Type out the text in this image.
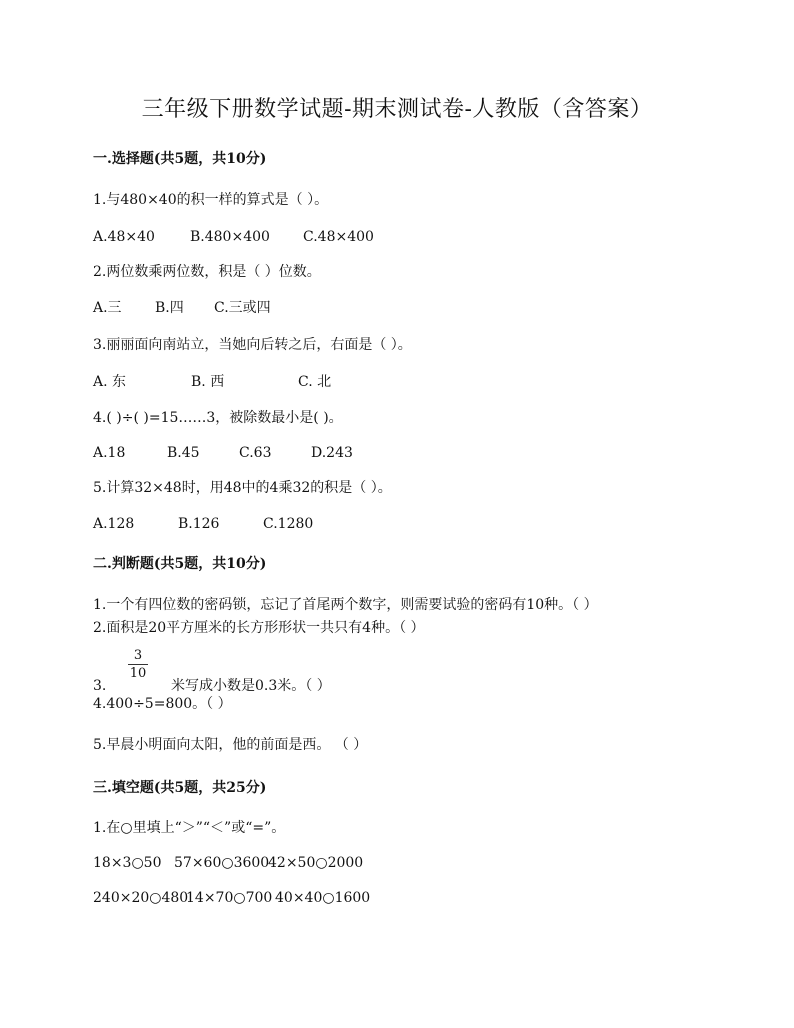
三年级下册数学试题-期末测试卷-人教版（含答案）
一.选择题(共5题，共10分)
1.与480×40的积一样的算式是（ ）。
A.48×40	B.480×400 C.48×400
2.两位数乘两位数，积是（ ）位数。
A.三 B.四 C.三或四
3.丽丽面向南站立，当她向后转之后，右面是（ ）。
A. 东	B. 西	C. 北
4.( )÷( )=15……3，被除数最小是( )。
A.18	B.45	C.63	D.243
5.计算32×48时，用48中的4乘32的积是（ ）。
A.128	B.126	C.1280
二.判断题(共5题，共10分)
1.一个有四位数的密码锁，忘记了首尾两个数字，则需要试验的密码有10种。（ ）
2.面积是20平方厘米的长方形形状一共只有4种。（ ）
3
10
3.	米写成小数是0.3米。（ ）
4.400÷5=800。（ ）
5.早晨小明面向太阳，他的前面是西。 （ ）
三.填空题(共5题，共25分)
1.在○里填上“＞”“＜”或“=”。
18×3○50 57×60○360042×50○2000
240×20○48014×70○700 40×40○1600
